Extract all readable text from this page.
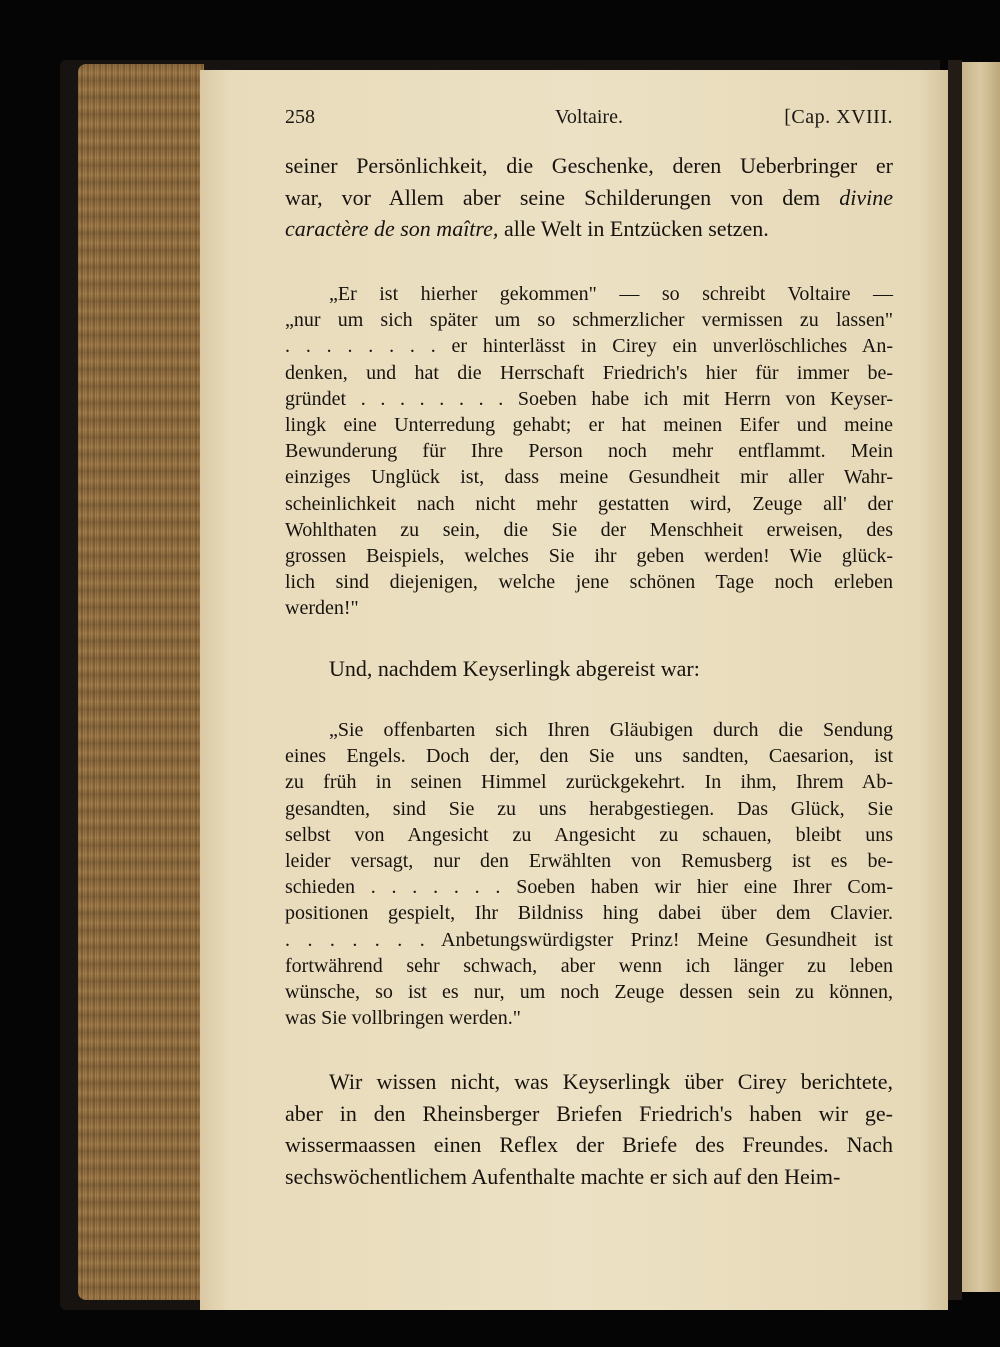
258	Voltaire.	[Cap. XVIII.
seiner Persönlichkeit, die Geschenke, deren Ueberbringer er
war, vor Allem aber seine Schilderungen von dem divine
caractère de son maître, alle Welt in Entzücken setzen.
„Er ist hierher gekommen" — so schreibt Voltaire —
„nur um sich später um so schmerzlicher vermissen zu lassen"
. . . . . . . . er hinterlässt in Cirey ein unverlöschliches An-
denken, und hat die Herrschaft Friedrich's hier für immer be-
gründet . . . . . . . . Soeben habe ich mit Herrn von Keyser-
lingk eine Unterredung gehabt; er hat meinen Eifer und meine
Bewunderung für Ihre Person noch mehr entflammt. Mein
einziges Unglück ist, dass meine Gesundheit mir aller Wahr-
scheinlichkeit nach nicht mehr gestatten wird, Zeuge all' der
Wohlthaten zu sein, die Sie der Menschheit erweisen, des
grossen Beispiels, welches Sie ihr geben werden! Wie glück-
lich sind diejenigen, welche jene schönen Tage noch erleben
werden!"
Und, nachdem Keyserlingk abgereist war:
„Sie offenbarten sich Ihren Gläubigen durch die Sendung
eines Engels. Doch der, den Sie uns sandten, Caesarion, ist
zu früh in seinen Himmel zurückgekehrt. In ihm, Ihrem Ab-
gesandten, sind Sie zu uns herabgestiegen. Das Glück, Sie
selbst von Angesicht zu Angesicht zu schauen, bleibt uns
leider versagt, nur den Erwählten von Remusberg ist es be-
schieden . . . . . . . Soeben haben wir hier eine Ihrer Com-
positionen gespielt, Ihr Bildniss hing dabei über dem Clavier.
. . . . . . . Anbetungswürdigster Prinz! Meine Gesundheit ist
fortwährend sehr schwach, aber wenn ich länger zu leben
wünsche, so ist es nur, um noch Zeuge dessen sein zu können,
was Sie vollbringen werden."
Wir wissen nicht, was Keyserlingk über Cirey berichtete,
aber in den Rheinsberger Briefen Friedrich's haben wir ge-
wissermaassen einen Reflex der Briefe des Freundes. Nach
sechswöchentlichem Aufenthalte machte er sich auf den Heim-
